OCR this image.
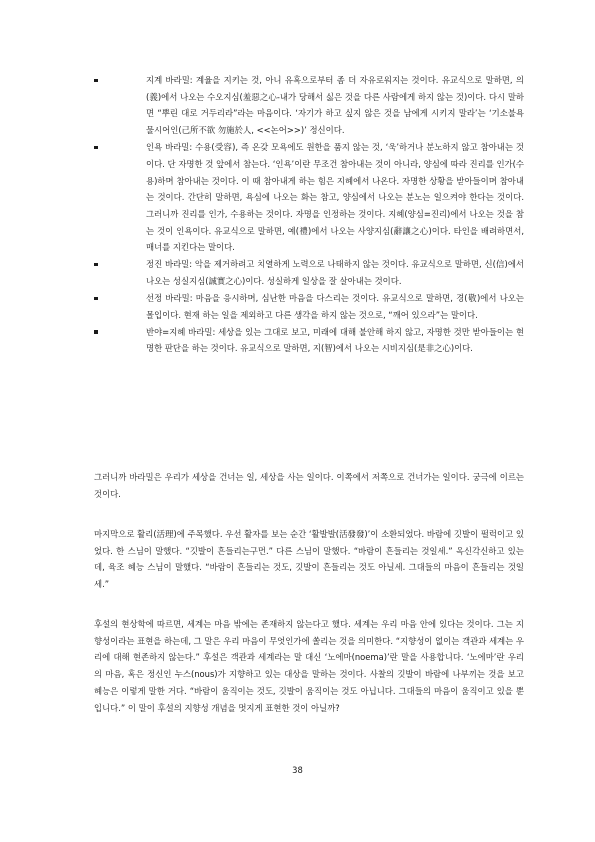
지계 바라밀: 계율을 지키는 것, 아니 유혹으로부터 좀 더 자유로워지는 것이다. 유교식으로 말하면, 의(義)에서 나오는 수오지심(羞惡之心-내가 당해서 싫은 것을 다른 사람에게 하지 않는 것)이다. 다시 말하면 “뿌린 대로 거두리라”라는 마음이다. ‘자기가 하고 싶지 않은 것을 남에게 시키지 말라’는 ‘기소불욕 물시어인(己所不欲 勿施於人, <<논어>>)’ 정신이다.
인욕 바라밀: 수용(受容), 즉 온갖 모욕에도 원한을 품지 않는 것, ‘욱’하거나 분노하지 않고 참아내는 것이다. 단 자명한 것 앞에서 참는다. ‘인욕’이란 무조건 참아내는 것이 아니라, 양심에 따라 진리를 인가(수용)하며 참아내는 것이다. 이 때 참아내게 하는 힘은 지혜에서 나온다. 자명한 상황을 받아들이며 참아내는 것이다. 간단히 말하면, 욕심에 나오는 화는 참고, 양심에서 나오는 분노는 일으켜야 한다는 것이다. 그러니까 진리를 인가, 수용하는 것이다. 자명을 인정하는 것이다. 지혜(양심=진리)에서 나오는 것을 참는 것이 인욕이다. 유교식으로 말하면, 예(禮)에서 나오는 사양지심(辭讓之心)이다. 타인을 배려하면서, 매너를 지킨다는 말이다.
정진 바라밀: 악을 제거하려고 치열하게 노력으로 나태하지 않는 것이다. 유교식으로 말하면, 신(信)에서 나오는 성실지심(誠實之心)이다. 성실하게 일상을 잘 살아내는 것이다.
선정 바라밀: 마음을 응시하며, 심난한 마음을 다스리는 것이다. 유교식으로 말하면, 경(敬)에서 나오는 몰입이다. 현재 하는 일을 제외하고 다른 생각을 하지 않는 것으로, “깨어 있으라”는 말이다.
반야=지혜 바라밀: 세상을 있는 그대로 보고, 미래에 대해 불안해 하지 않고, 자명한 것만 받아들이는 현명한 판단을 하는 것이다. 유교식으로 말하면, 지(智)에서 나오는 시비지심(是非之心)이다.

그러니까 바라밀은 우리가 세상을 건너는 일, 세상을 사는 일이다. 이쪽에서 저쪽으로 건너가는 일이다. 궁극에 이르는 것이다.

마지막으로 활리(活理)에 주목했다. 우선 활자를 보는 순간 ‘활발발(活發發)’이 소환되었다. 바람에 깃발이 펄럭이고 있었다. 한 스님이 말했다. “깃발이 흔들리는구먼.” 다른 스님이 말했다. “바람이 흔들리는 것일세.” 옥신각신하고 있는데, 육조 혜능 스님이 말했다. “바람이 흔들리는 것도, 깃발이 흔들리는 것도 아닐세. 그대들의 마음이 흔들리는 것일세.”

후설의 현상학에 따르면, 세계는 마음 밖에는 존재하지 않는다고 했다. 세계는 우리 마음 안에 있다는 것이다. 그는 지향성이라는 표현을 하는데, 그 말은 우리 마음이 무엇인가에 쏠리는 것을 의미한다. “지향성이 없이는 객관과 세계는 우리에 대해 현존하지 않는다.” 후설은 객관과 세계라는 말 대신 ‘노에마(noema)’란 말을 사용합니다. ‘노에마’란 우리의 마음, 혹은 정신인 누스(nous)가 지향하고 있는 대상을 말하는 것이다. 사찰의 깃발이 바람에 나부끼는 것을 보고 혜능은 이렇게 말한 거다. “바람이 움직이는 것도, 깃발이 움직이는 것도 아닙니다. 그대들의 마음이 움직이고 있을 뿐입니다.” 이 말이 후설의 지향성 개념을 멋지게 표현한 것이 아닐까?

38
